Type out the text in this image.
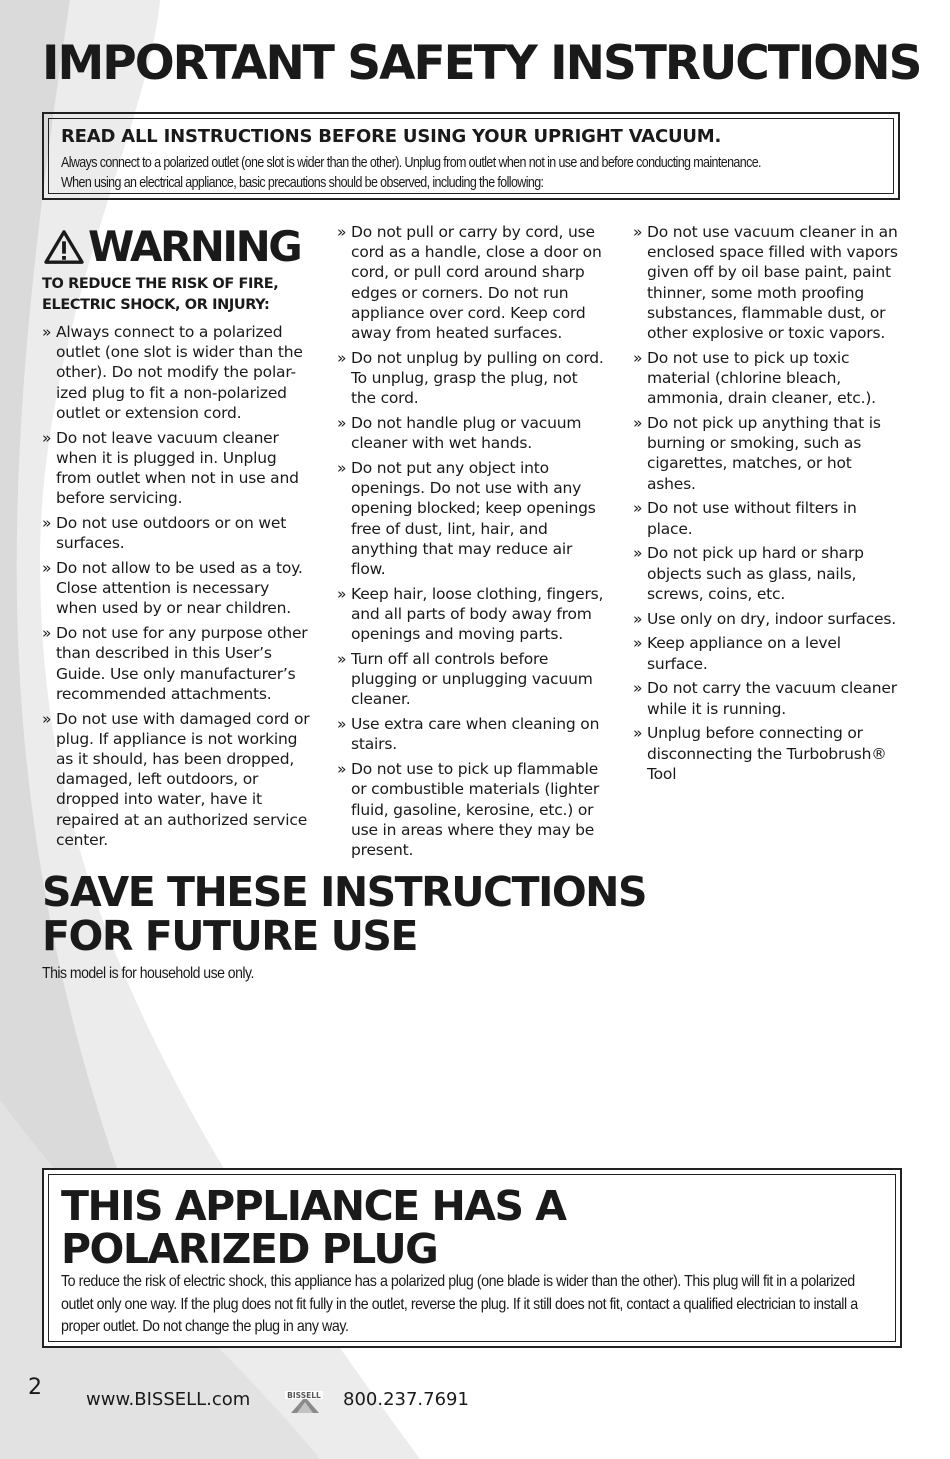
IMPORTANT SAFETY INSTRUCTIONS

READ ALL INSTRUCTIONS BEFORE USING YOUR UPRIGHT VACUUM.

Always connect to a polarized outlet (one slot is wider than the other). Unplug from outlet when not in use and before conducting maintenance.
When using an electrical appliance, basic precautions should be observed, including the following:

WARNING

TO REDUCE THE RISK OF FIRE, ELECTRIC SHOCK, OR INJURY:

» Always connect to a polarized outlet (one slot is wider than the other). Do not modify the polar-ized plug to fit a non-polarized outlet or extension cord.
» Do not leave vacuum cleaner when it is plugged in. Unplug from outlet when not in use and before servicing.
» Do not use outdoors or on wet surfaces.
» Do not allow to be used as a toy. Close attention is necessary when used by or near children.
» Do not use for any purpose other than described in this User’s Guide. Use only manufacturer’s recommended attachments.
» Do not use with damaged cord or plug. If appliance is not working as it should, has been dropped, damaged, left outdoors, or dropped into water, have it repaired at an authorized service center.
» Do not pull or carry by cord, use cord as a handle, close a door on cord, or pull cord around sharp edges or corners. Do not run appliance over cord. Keep cord away from heated surfaces.
» Do not unplug by pulling on cord. To unplug, grasp the plug, not the cord.
» Do not handle plug or vacuum cleaner with wet hands.
» Do not put any object into openings. Do not use with any opening blocked; keep openings free of dust, lint, hair, and anything that may reduce air flow.
» Keep hair, loose clothing, fingers, and all parts of body away from openings and moving parts.
» Turn off all controls before plugging or unplugging vacuum cleaner.
» Use extra care when cleaning on stairs.
» Do not use to pick up flammable or combustible materials (lighter fluid, gasoline, kerosine, etc.) or use in areas where they may be present.
» Do not use vacuum cleaner in an enclosed space filled with vapors given off by oil base paint, paint thinner, some moth proofing substances, flammable dust, or other explosive or toxic vapors.
» Do not use to pick up toxic material (chlorine bleach, ammonia, drain cleaner, etc.).
» Do not pick up anything that is burning or smoking, such as cigarettes, matches, or hot ashes.
» Do not use without filters in place.
» Do not pick up hard or sharp objects such as glass, nails, screws, coins, etc.
» Use only on dry, indoor surfaces.
» Keep appliance on a level surface.
» Do not carry the vacuum cleaner while it is running.
» Unplug before connecting or disconnecting the Turbobrush® Tool
SAVE THESE INSTRUCTIONS
FOR FUTURE USE

This model is for household use only.

THIS APPLIANCE HAS A
POLARIZED PLUG

To reduce the risk of electric shock, this appliance has a polarized plug (one blade is wider than the other). This plug will fit in a polarized outlet only one way. If the plug does not fit fully in the outlet, reverse the plug. If it still does not fit, contact a qualified electrician to install a proper outlet. Do not change the plug in any way.

2 www.BISSELL.com	BISSELL 800.237.7691
